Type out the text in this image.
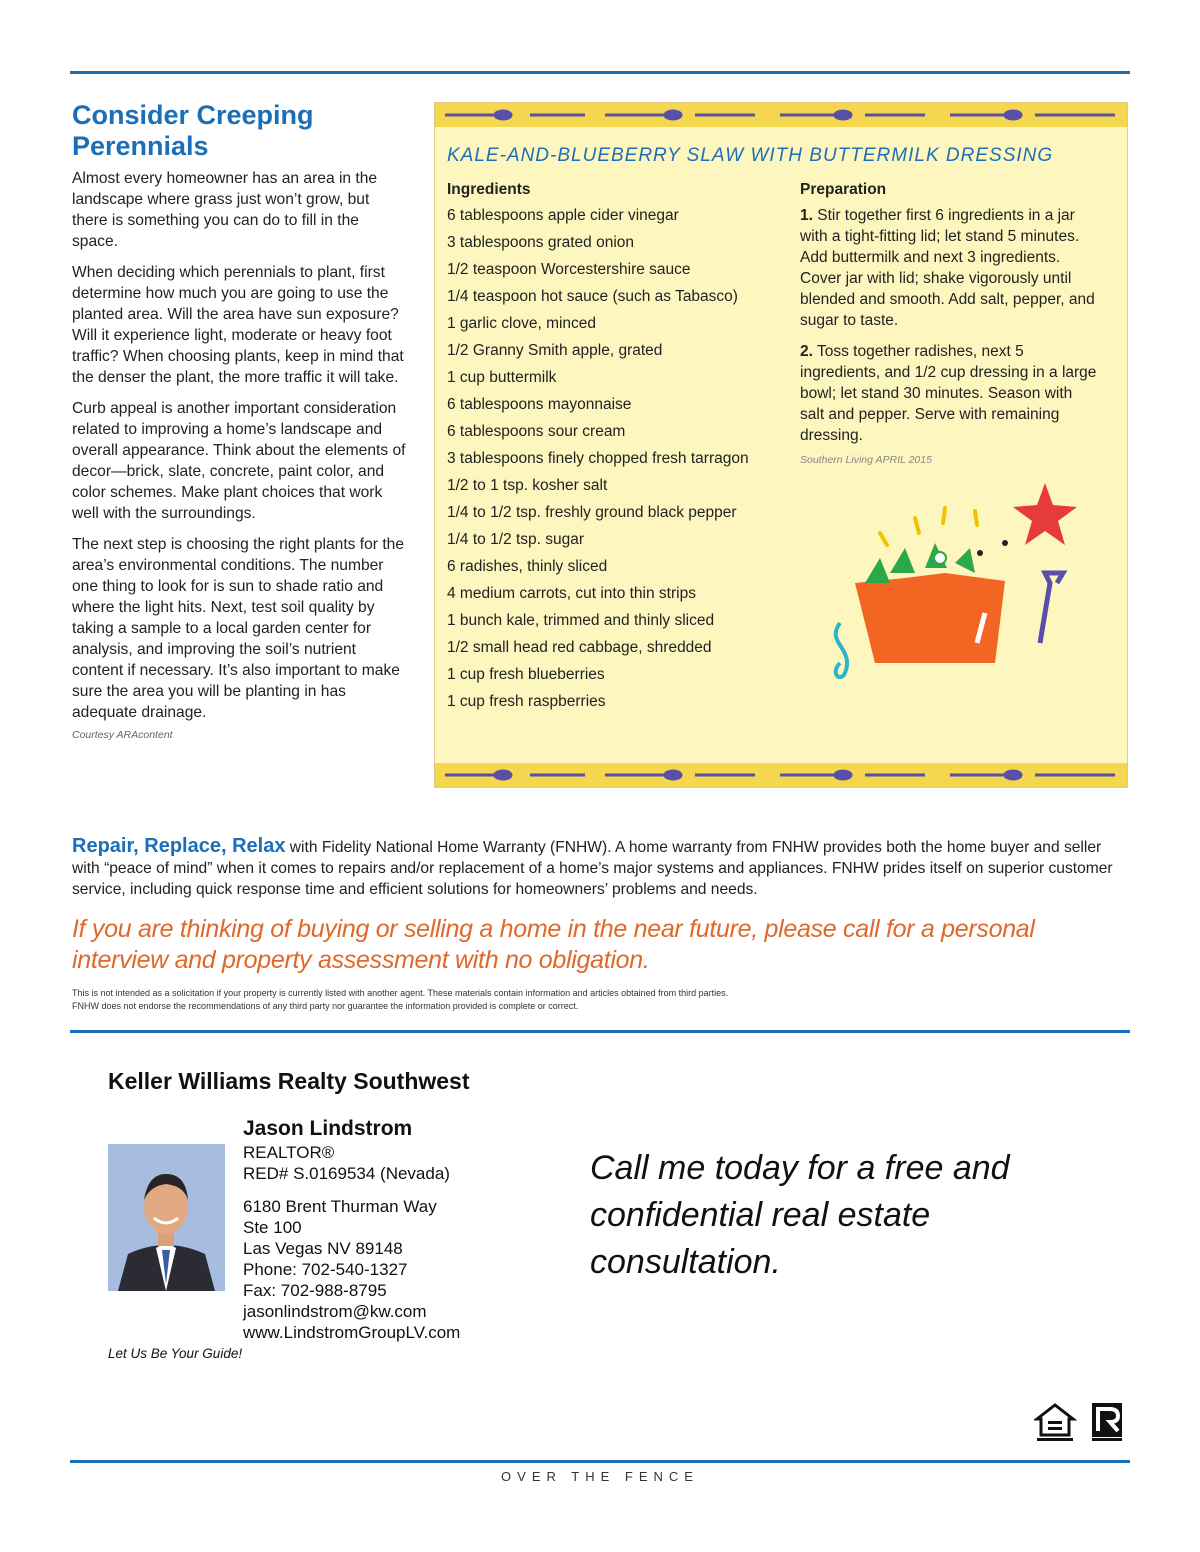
Consider Creeping Perennials

Almost every homeowner has an area in the landscape where grass just won’t grow, but there is something you can do to fill in the space.

When deciding which perennials to plant, first determine how much you are going to use the planted area. Will the area have sun exposure? Will it experience light, moderate or heavy foot traffic? When choosing plants, keep in mind that the denser the plant, the more traffic it will take.

Curb appeal is another important consideration related to improving a home’s landscape and overall appearance. Think about the elements of decor—brick, slate, concrete, paint color, and color schemes. Make plant choices that work well with the surroundings.

The next step is choosing the right plants for the area’s environmental conditions. The number one thing to look for is sun to shade ratio and where the light hits. Next, test soil quality by taking a sample to a local garden center for analysis, and improving the soil’s nutrient content if necessary. It’s also important to make sure the area you will be planting in has adequate drainage.

Courtesy ARAcontent
KALE-AND-BLUEBERRY SLAW WITH BUTTERMILK DRESSING
Ingredients
6 tablespoons apple cider vinegar
3 tablespoons grated onion
1/2 teaspoon Worcestershire sauce
1/4 teaspoon hot sauce (such as Tabasco)
1 garlic clove, minced
1/2 Granny Smith apple, grated
1 cup buttermilk
6 tablespoons mayonnaise
6 tablespoons sour cream
3 tablespoons finely chopped fresh tarragon
1/2 to 1 tsp. kosher salt
1/4 to 1/2 tsp. freshly ground black pepper
1/4 to 1/2 tsp. sugar
6 radishes, thinly sliced
4 medium carrots, cut into thin strips
1 bunch kale, trimmed and thinly sliced
1/2 small head red cabbage, shredded
1 cup fresh blueberries
1 cup fresh raspberries
Preparation

1. Stir together first 6 ingredients in a jar with a tight-fitting lid; let stand 5 minutes. Add buttermilk and next 3 ingredients. Cover jar with lid; shake vigorously until blended and smooth. Add salt, pepper, and sugar to taste.

2. Toss together radishes, next 5 ingredients, and 1/2 cup dressing in a large bowl; let stand 30 minutes. Season with salt and pepper. Serve with remaining dressing.

Southern Living APRIL 2015
Repair, Replace, Relax with Fidelity National Home Warranty (FNHW). A home warranty from FNHW provides both the home buyer and seller with “peace of mind” when it comes to repairs and/or replacement of a home’s major systems and appliances. FNHW prides itself on superior customer service, including quick response time and efficient solutions for homeowners’ problems and needs.
If you are thinking of buying or selling a home in the near future, please call for a personal interview and property assessment with no obligation.
This is not intended as a solicitation if your property is currently listed with another agent. These materials contain information and articles obtained from third parties.
FNHW does not endorse the recommendations of any third party nor guarantee the information provided is complete or correct.
Keller Williams Realty Southwest
Jason Lindstrom
REALTOR®
RED# S.0169534 (Nevada)
6180 Brent Thurman Way
Ste 100
Las Vegas NV 89148
Phone: 702-540-1327
Fax: 702-988-8795
jasonlindstrom@kw.com
www.LindstromGroupLV.com
Let Us Be Your Guide!
Call me today for a free and confidential real estate consultation.
OVER THE FENCE
